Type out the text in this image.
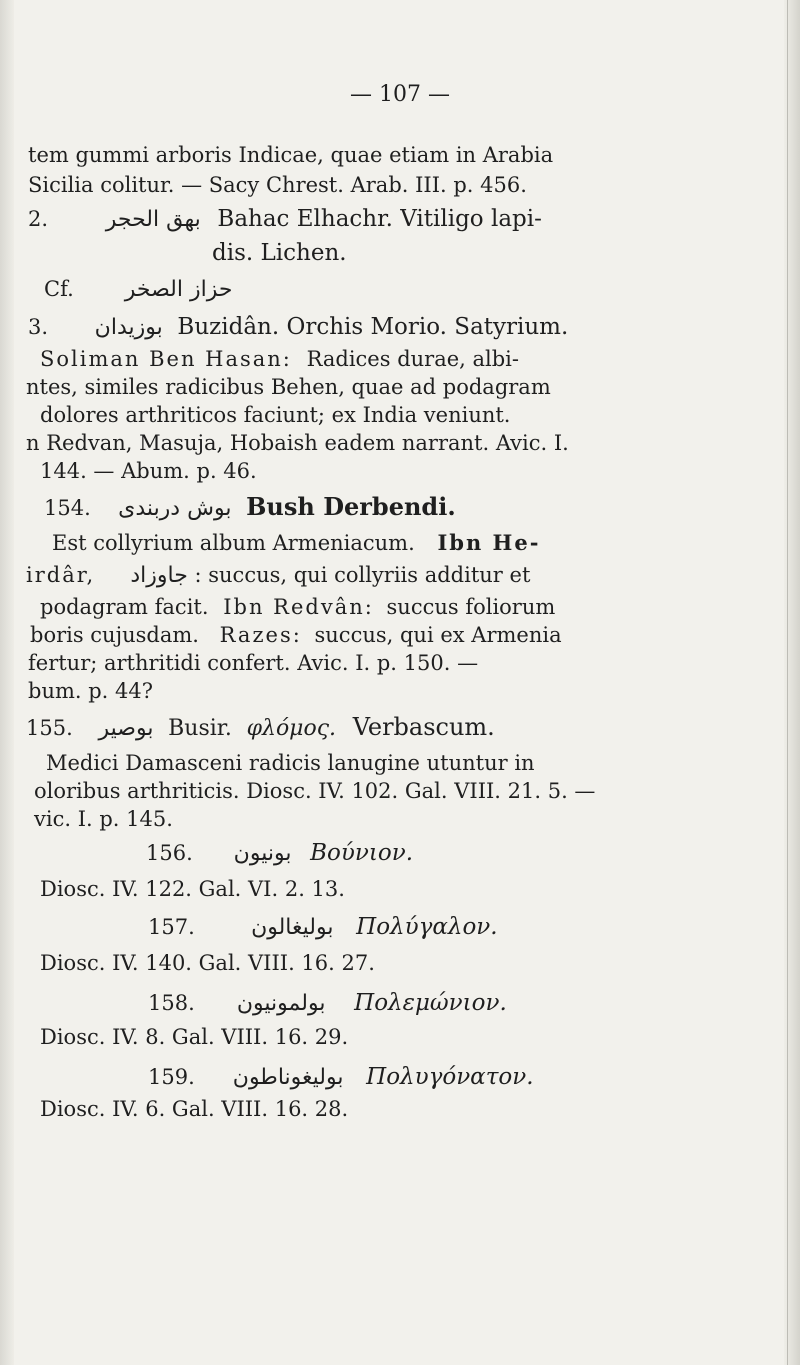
— 107 —
tem gummi arboris Indicae, quae etiam in Arabia
Sicilia colitur. — Sacy Chrest. Arab. III. p. 456.
2.	بهق الحجر Bahac Elhachr. Vitiligo lapi-
dis. Lichen.
Cf. حزاز الصخر
3. بوزيدان Buzidân. Orchis Morio. Satyrium.
Soliman Ben Hasan: Radices durae, albi-
ntes, similes radicibus Behen, quae ad podagram
dolores arthriticos faciunt; ex India veniunt.
n Redvan, Masuja, Hobaish eadem narrant. Avic. I.
144. — Abum. p. 46.
154. بوش دربندى Bush Derbendi.
Est collyrium album Armeniacum. Ibn He-
irdâr, جاوزاد : succus, qui collyriis additur et
podagram facit. Ibn Redvân: succus foliorum
boris cujusdam. Razes: succus, qui ex Armenia
fertur; arthritidi confert. Avic. I. p. 150. —
bum. p. 44?
155. بوصير Busir. φλόμος. Verbascum.
Medici Damasceni radicis lanugine utuntur in
oloribus arthriticis. Diosc. IV. 102. Gal. VIII. 21. 5. —
vic. I. p. 145.
156. بونيون Βούνιον.
Diosc. IV. 122. Gal. VI. 2. 13.
157.	بوليغالون Πολύγαλον.
Diosc. IV. 140. Gal. VIII. 16. 27.
158. بولمونيون Πολεμώνιον.
Diosc. IV. 8. Gal. VIII. 16. 29.
159. بوليغوناطون Πολυγόνατον.
Diosc. IV. 6. Gal. VIII. 16. 28.
